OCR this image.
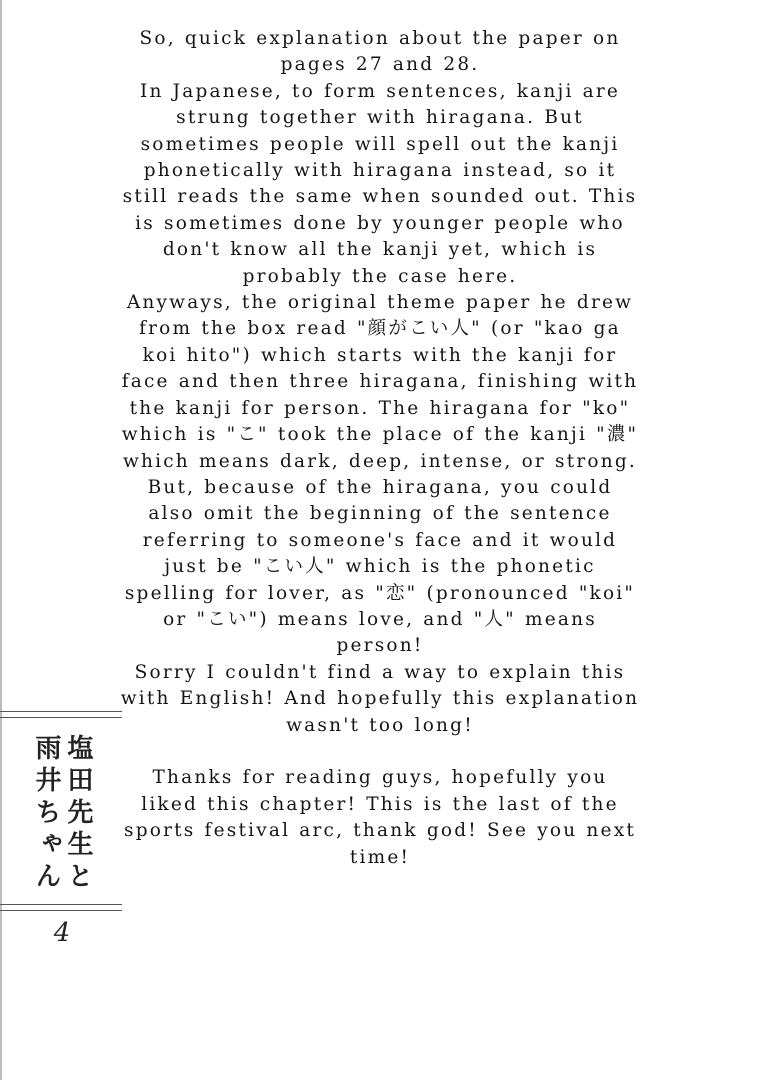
So, quick explanation about the paper on pages 27 and 28.

In Japanese, to form sentences, kanji are strung together with hiragana. But sometimes people will spell out the kanji phonetically with hiragana instead, so it still reads the same when sounded out. This is sometimes done by younger people who don't know all the kanji yet, which is probably the case here.

Anyways, the original theme paper he drew from the box read "顔がこい人" (or "kao ga koi hito") which starts with the kanji for face and then three hiragana, finishing with the kanji for person. The hiragana for "ko" which is "こ" took the place of the kanji "濃" which means dark, deep, intense, or strong. But, because of the hiragana, you could also omit the beginning of the sentence referring to someone's face and it would just be "こい人" which is the phonetic spelling for lover, as "恋" (pronounced "koi" or "こい") means love, and "人" means person!

Sorry I couldn't find a way to explain this with English! And hopefully this explanation wasn't too long!

Thanks for reading guys, hopefully you liked this chapter! This is the last of the sports festival arc, thank god! See you next time!

塩田先生と
雨井ちゃん
4
